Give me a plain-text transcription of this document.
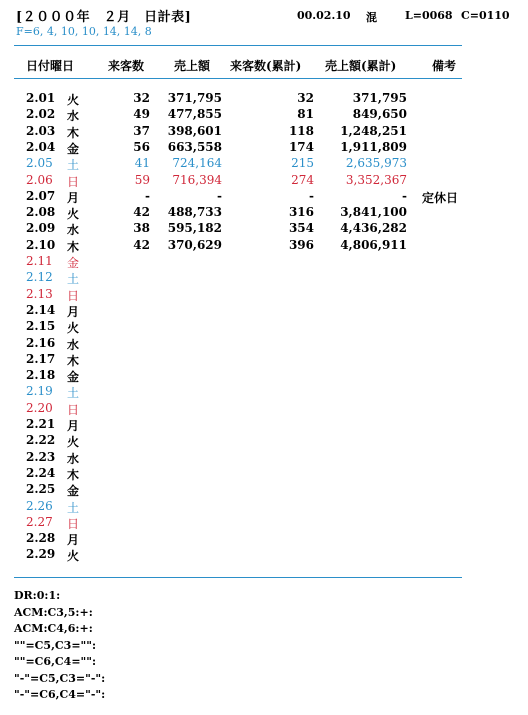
[２０００年　２月　日計表]	00.02.10 混	L=0068 C=0110
F=6, 4, 10, 10, 14, 14, 8
日付曜日	来客数 売上額 来客数(累計) 売上額(累計)	備考
2.01 火	32 371,795	32	371,795
2.02 水	49 477,855	81	849,650
2.03 木	37 398,601	118 1,248,251
2.04 金	56 663,558	174 1,911,809
2.05 土	41 724,164	215	2,635,973
2.06 日	59 716,394	274	3,352,367
2.07 月	-	-	-	- 定休日
2.08 火	42 488,733	316 3,841,100
2.09 水	38 595,182	354 4,436,282
2.10 木	42 370,629	396 4,806,911
2.11 金
2.12 土
2.13 日
2.14 月
2.15 火
2.16 水
2.17 木
2.18 金
2.19 土
2.20 日
2.21 月
2.22 火
2.23 水
2.24 木
2.25 金
2.26 土
2.27 日
2.28 月
2.29 火
DR:0:1:
ACM:C3,5:+:
ACM:C4,6:+:
""=C5,C3="":
""=C6,C4="":
"-"=C5,C3="-":
"-"=C6,C4="-":
